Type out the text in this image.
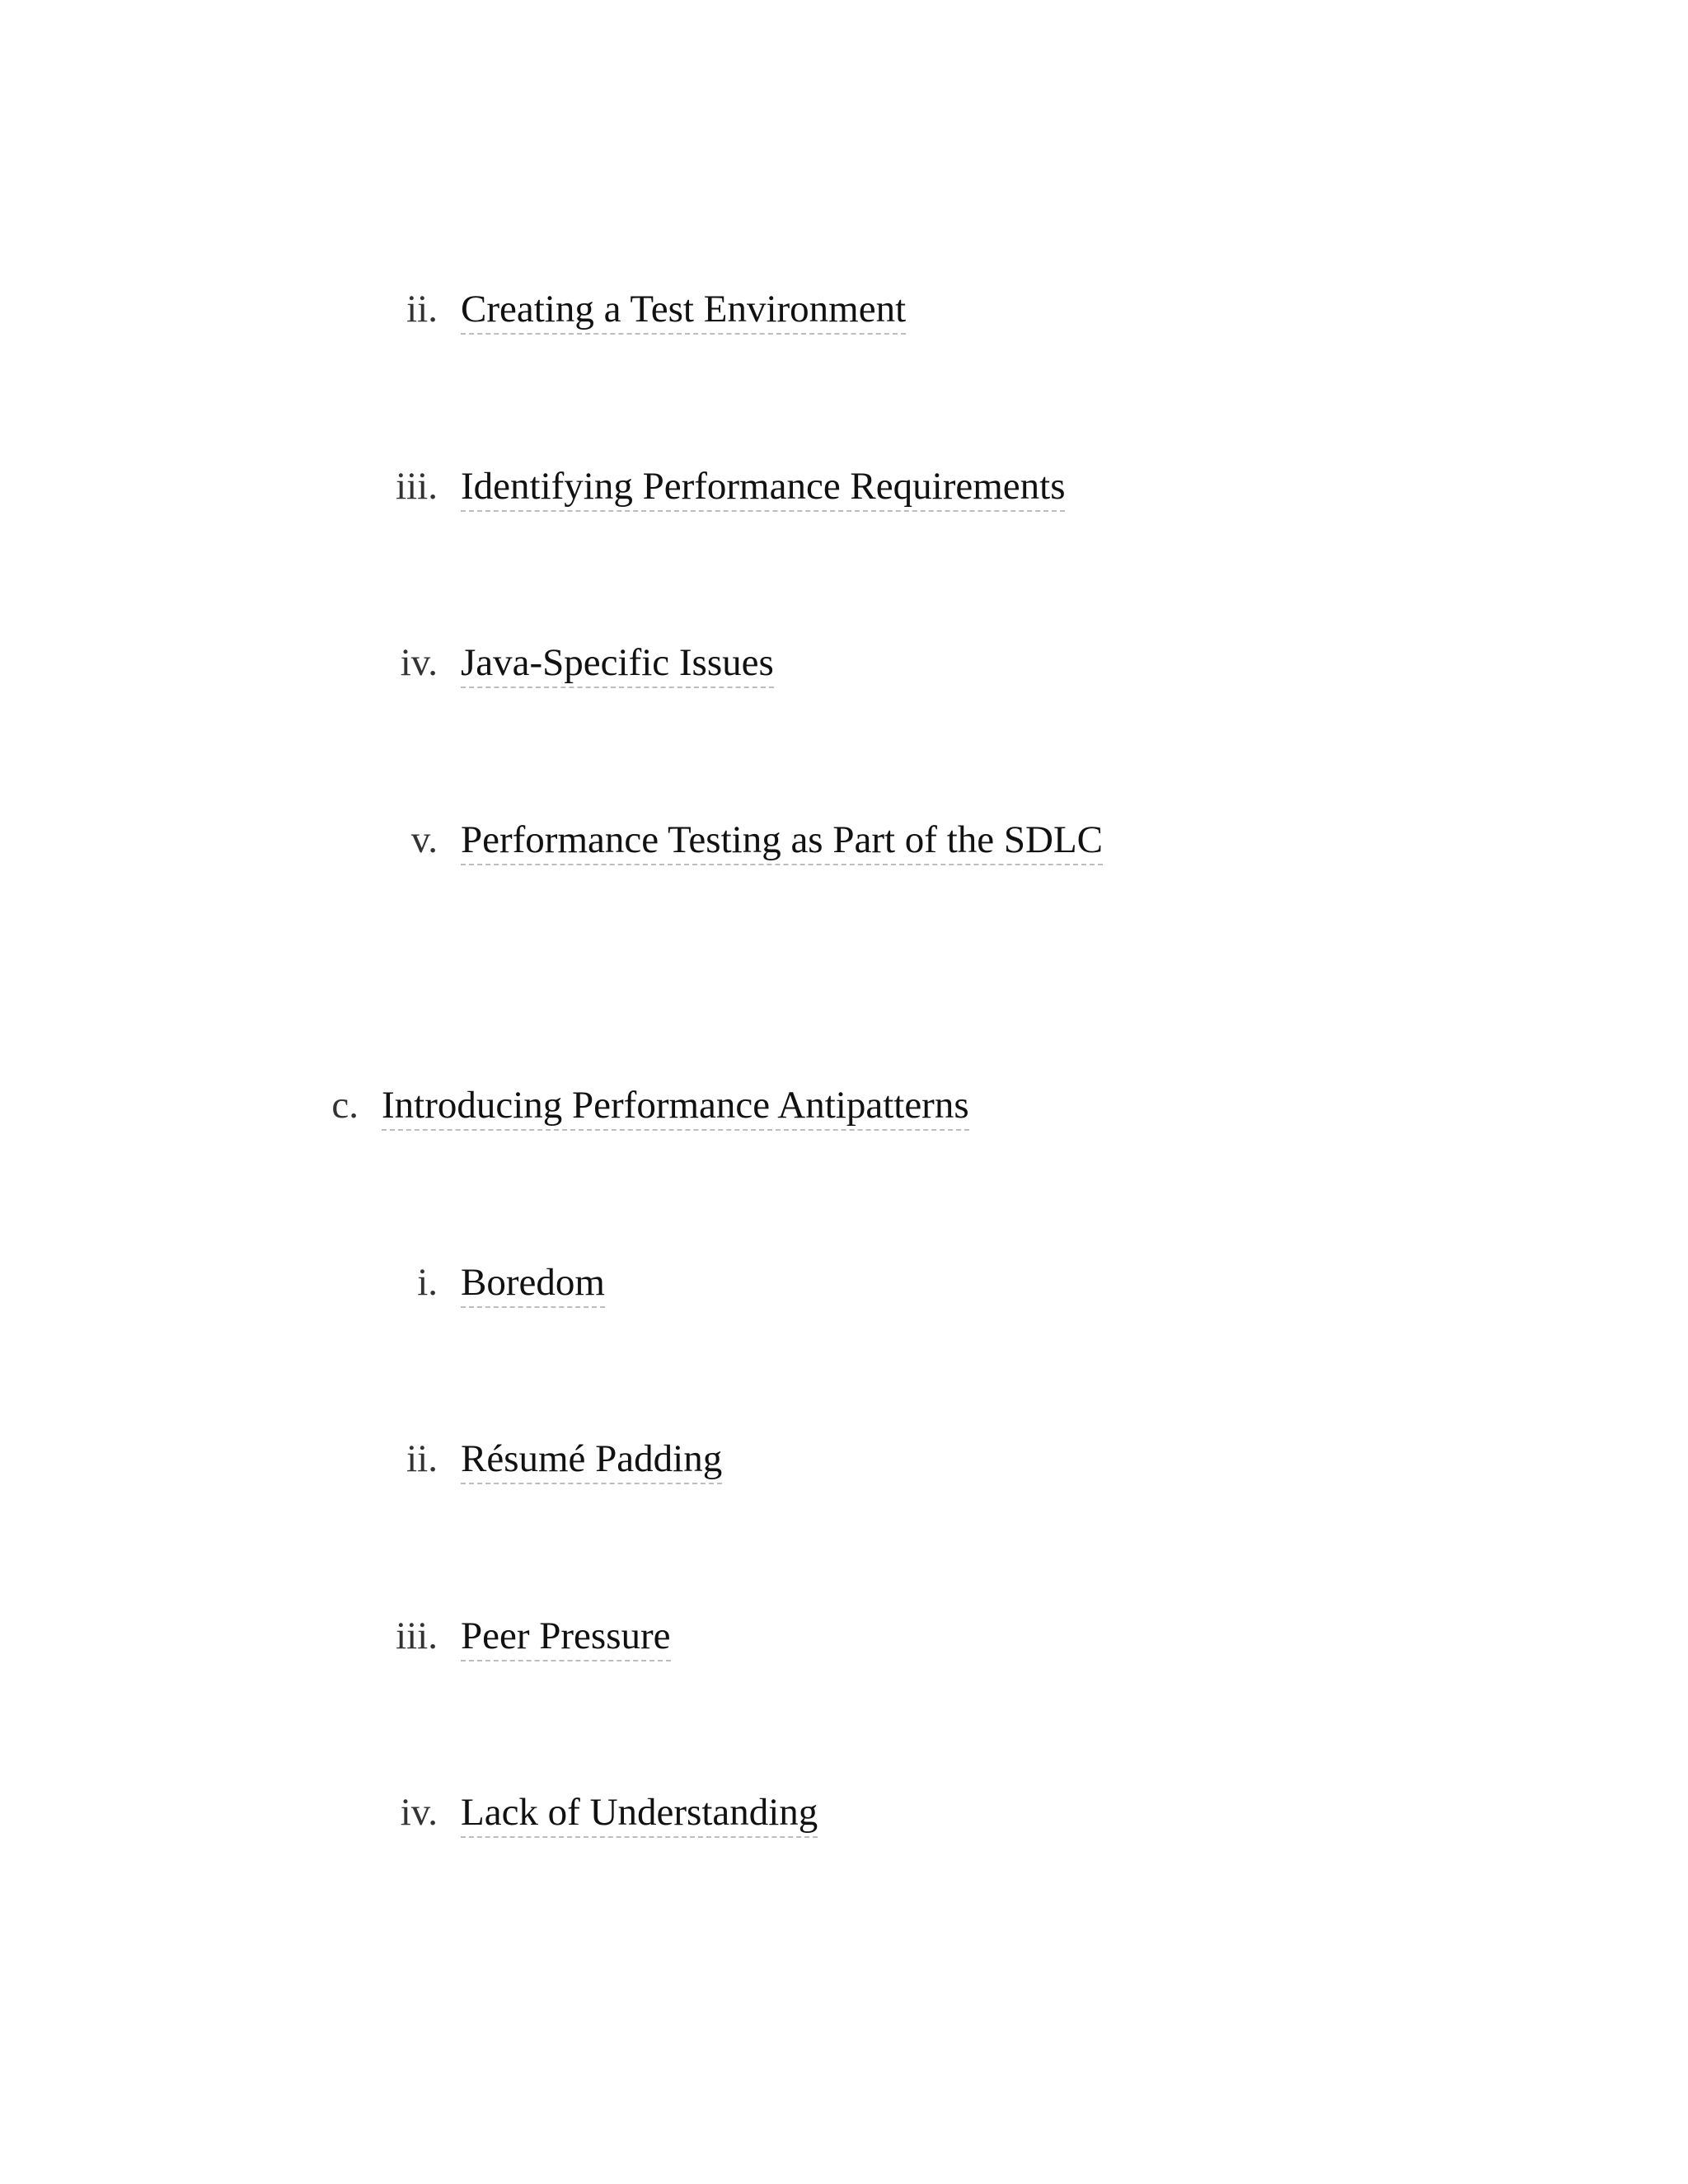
ii. Creating a Test Environment
iii. Identifying Performance Requirements
iv. Java-Specific Issues
v. Performance Testing as Part of the SDLC
c. Introducing Performance Antipatterns
i. Boredom
ii. Résumé Padding
iii. Peer Pressure
iv. Lack of Understanding
